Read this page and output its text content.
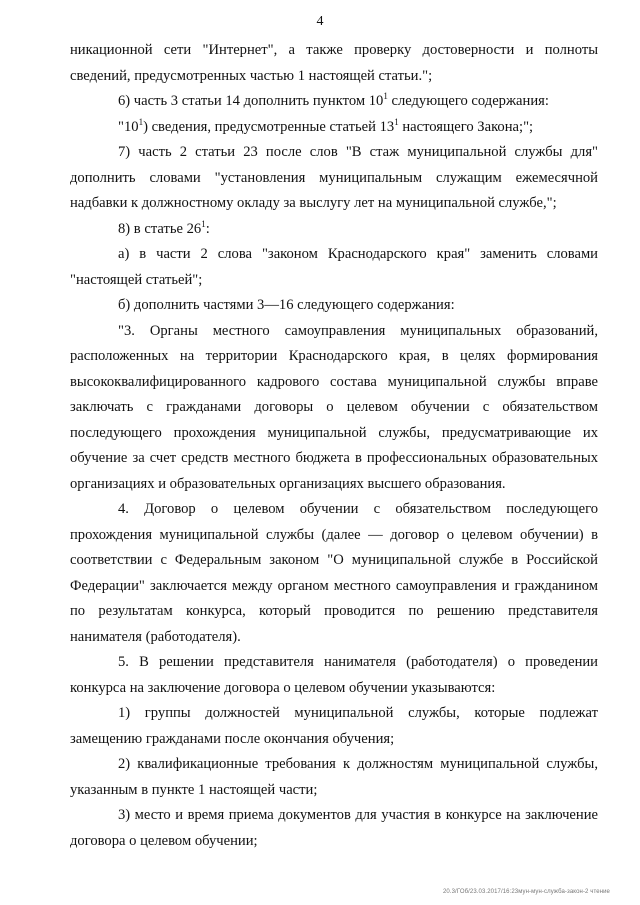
4

никационной сети "Интернет", а также проверку достоверности и полноты сведений, предусмотренных частью 1 настоящей статьи.";

6) часть 3 статьи 14 дополнить пунктом $10^1$ следующего содержания:

"$10^1$) сведения, предусмотренные статьей $13^1$ настоящего Закона;";

7) часть 2 статьи 23 после слов "В стаж муниципальной службы для" дополнить словами "установления муниципальным служащим ежемесячной надбавки к должностному окладу за выслугу лет на муниципальной службе,";

8) в статье $26^1$:

а) в части 2 слова "законом Краснодарского края" заменить словами "настоящей статьей";

б) дополнить частями 3—16 следующего содержания:

"3. Органы местного самоуправления муниципальных образований, расположенных на территории Краснодарского края, в целях формирования высококвалифицированного кадрового состава муниципальной службы вправе заключать с гражданами договоры о целевом обучении с обязательством последующего прохождения муниципальной службы, предусматривающие их обучение за счет средств местного бюджета в профессиональных образовательных организациях и образовательных организациях высшего образования.

4. Договор о целевом обучении с обязательством последующего прохождения муниципальной службы (далее — договор о целевом обучении) в соответствии с Федеральным законом "О муниципальной службе в Российской Федерации" заключается между органом местного самоуправления и гражданином по результатам конкурса, который проводится по решению представителя нанимателя (работодателя).

5. В решении представителя нанимателя (работодателя) о проведении конкурса на заключение договора о целевом обучении указываются:

1) группы должностей муниципальной службы, которые подлежат замещению гражданами после окончания обучения;

2) квалификационные требования к должностям муниципальной службы, указанным в пункте 1 настоящей части;

3) место и время приема документов для участия в конкурсе на заключение договора о целевом обучении;

20.3/ГОб/23.03.2017/16:23мун-мун-служба-закон-2 чтение
